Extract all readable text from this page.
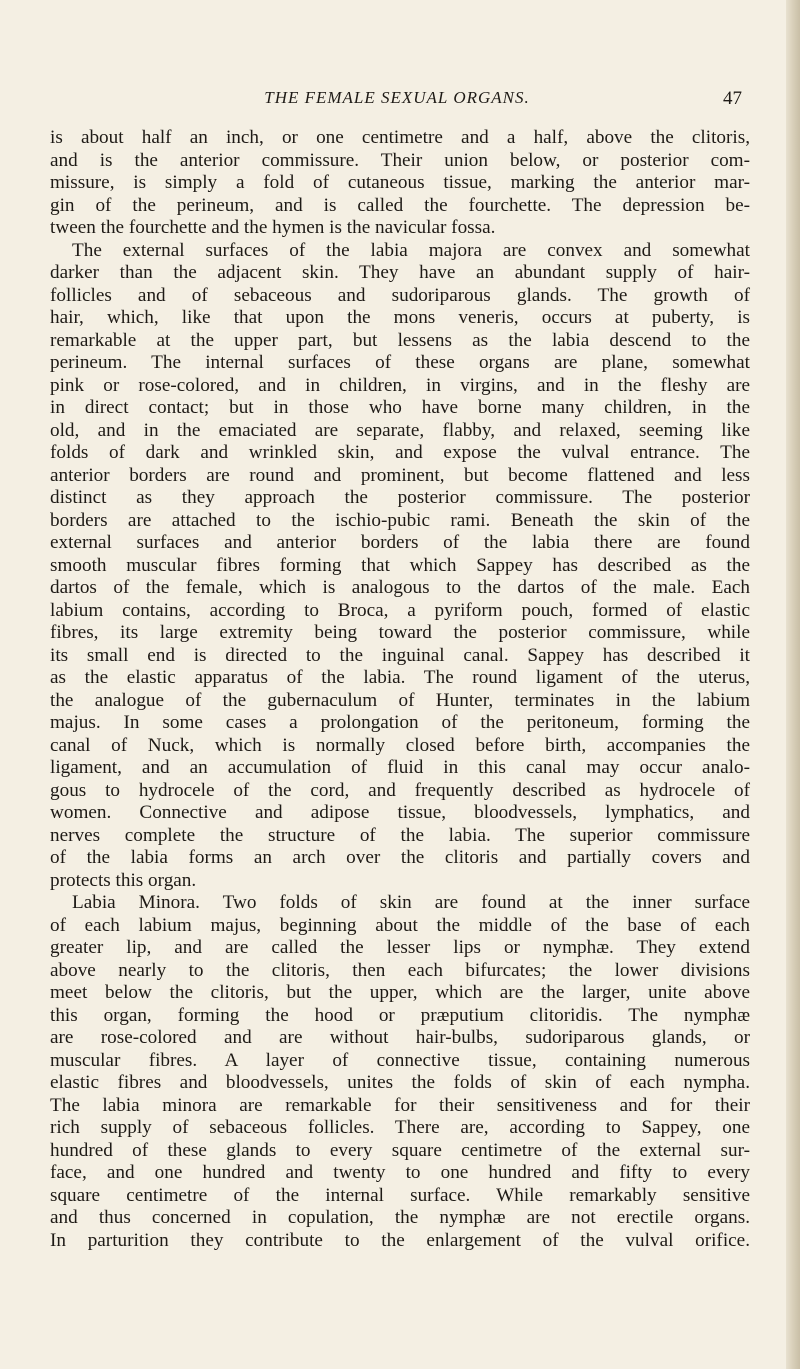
THE FEMALE SEXUAL ORGANS.	47
is about half an inch, or one centimetre and a half, above the clitoris,
and is the anterior commissure. Their union below, or posterior com-
missure, is simply a fold of cutaneous tissue, marking the anterior mar-
gin of the perineum, and is called the fourchette. The depression be-
tween the fourchette and the hymen is the navicular fossa.
The external surfaces of the labia majora are convex and somewhat
darker than the adjacent skin. They have an abundant supply of hair-
follicles and of sebaceous and sudoriparous glands. The growth of
hair, which, like that upon the mons veneris, occurs at puberty, is
remarkable at the upper part, but lessens as the labia descend to the
perineum. The internal surfaces of these organs are plane, somewhat
pink or rose-colored, and in children, in virgins, and in the fleshy are
in direct contact; but in those who have borne many children, in the
old, and in the emaciated are separate, flabby, and relaxed, seeming like
folds of dark and wrinkled skin, and expose the vulval entrance. The
anterior borders are round and prominent, but become flattened and less
distinct as they approach the posterior commissure. The posterior
borders are attached to the ischio-pubic rami. Beneath the skin of the
external surfaces and anterior borders of the labia there are found
smooth muscular fibres forming that which Sappey has described as the
dartos of the female, which is analogous to the dartos of the male. Each
labium contains, according to Broca, a pyriform pouch, formed of elastic
fibres, its large extremity being toward the posterior commissure, while
its small end is directed to the inguinal canal. Sappey has described it
as the elastic apparatus of the labia. The round ligament of the uterus,
the analogue of the gubernaculum of Hunter, terminates in the labium
majus. In some cases a prolongation of the peritoneum, forming the
canal of Nuck, which is normally closed before birth, accompanies the
ligament, and an accumulation of fluid in this canal may occur analo-
gous to hydrocele of the cord, and frequently described as hydrocele of
women. Connective and adipose tissue, bloodvessels, lymphatics, and
nerves complete the structure of the labia. The superior commissure
of the labia forms an arch over the clitoris and partially covers and
protects this organ.
Labia Minora. Two folds of skin are found at the inner surface
of each labium majus, beginning about the middle of the base of each
greater lip, and are called the lesser lips or nymphæ. They extend
above nearly to the clitoris, then each bifurcates; the lower divisions
meet below the clitoris, but the upper, which are the larger, unite above
this organ, forming the hood or præputium clitoridis. The nymphæ
are rose-colored and are without hair-bulbs, sudoriparous glands, or
muscular fibres. A layer of connective tissue, containing numerous
elastic fibres and bloodvessels, unites the folds of skin of each nympha.
The labia minora are remarkable for their sensitiveness and for their
rich supply of sebaceous follicles. There are, according to Sappey, one
hundred of these glands to every square centimetre of the external sur-
face, and one hundred and twenty to one hundred and fifty to every
square centimetre of the internal surface. While remarkably sensitive
and thus concerned in copulation, the nymphæ are not erectile organs.
In parturition they contribute to the enlargement of the vulval orifice.
